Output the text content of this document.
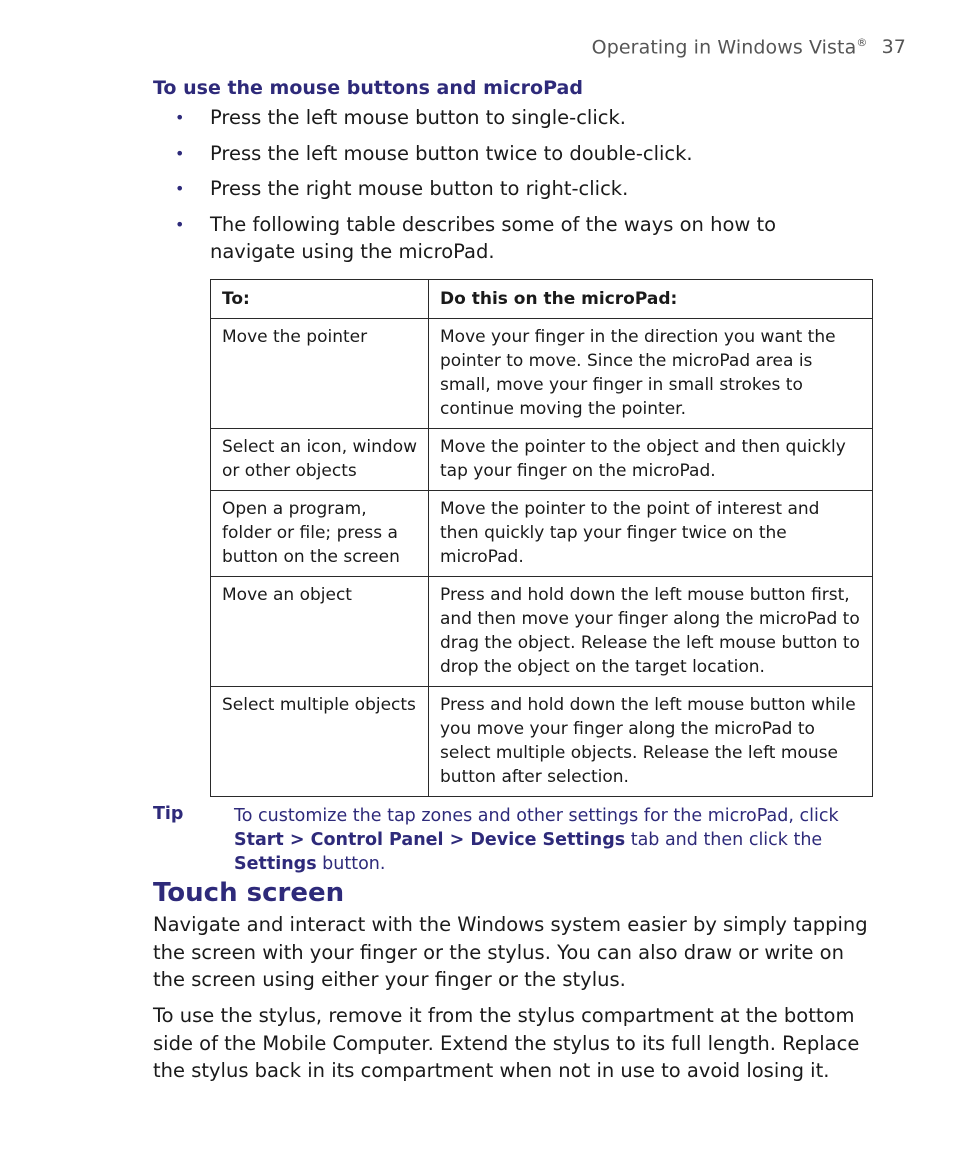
Operating in Windows Vista® 37
To use the mouse buttons and microPad
• Press the left mouse button to single-click.
• Press the left mouse button twice to double-click.
• Press the right mouse button to right-click.
• The following table describes some of the ways on how to navigate using the microPad.
To:	Do this on the microPad:
Move the pointer	Move your finger in the direction you want the pointer to move. Since the microPad area is small, move your finger in small strokes to continue moving the pointer.
Select an icon, window or other objects	Move the pointer to the object and then quickly tap your finger on the microPad.
Open a program, folder or file; press a button on the screen	Move the pointer to the point of interest and then quickly tap your finger twice on the microPad.
Move an object	Press and hold down the left mouse button first, and then move your finger along the microPad to drag the object. Release the left mouse button to drop the object on the target location.
Select multiple objects	Press and hold down the left mouse button while you move your finger along the microPad to select multiple objects. Release the left mouse button after selection.
Tip	To customize the tap zones and other settings for the microPad, click Start > Control Panel > Device Settings tab and then click the Settings button.
Touch screen

Navigate and interact with the Windows system easier by simply tapping the screen with your finger or the stylus. You can also draw or write on the screen using either your finger or the stylus.

To use the stylus, remove it from the stylus compartment at the bottom side of the Mobile Computer. Extend the stylus to its full length. Replace the stylus back in its compartment when not in use to avoid losing it.
